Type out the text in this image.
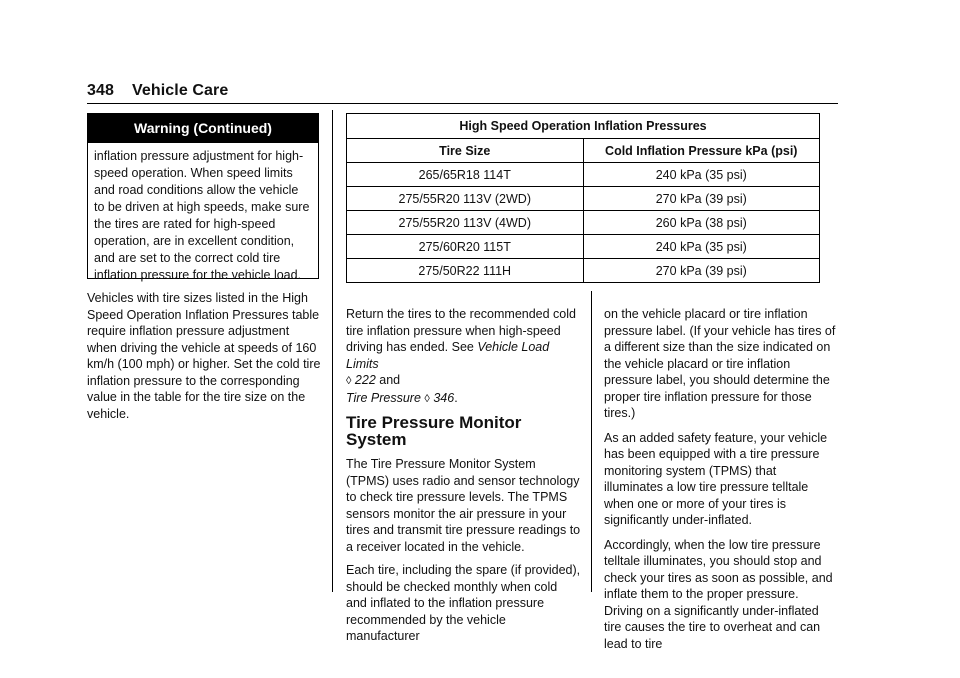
348 Vehicle Care
Warning (Continued)
inflation pressure adjustment for high-speed operation. When speed limits and road conditions allow the vehicle to be driven at high speeds, make sure the tires are rated for high-speed operation, are in excellent condition, and are set to the correct cold tire inflation pressure for the vehicle load.
Vehicles with tire sizes listed in the High Speed Operation Inflation Pressures table require inflation pressure adjustment when driving the vehicle at speeds of 160 km/h (100 mph) or higher. Set the cold tire inflation pressure to the corresponding value in the table for the tire size on the vehicle.
High Speed Operation Inflation Pressures
Tire Size	Cold Inflation Pressure kPa (psi)
265/65R18 114T	240 kPa (35 psi)
275/55R20 113V (2WD)	270 kPa (39 psi)
275/55R20 113V (4WD)	260 kPa (38 psi)
275/60R20 115T	240 kPa (35 psi)
275/50R22 111H	270 kPa (39 psi)

Return the tires to the recommended cold tire inflation pressure when high-speed driving has ended. See Vehicle Load Limits
◊ 222 and
Tire Pressure ◊ 346.

Tire Pressure Monitor System

The Tire Pressure Monitor System (TPMS) uses radio and sensor technology to check tire pressure levels. The TPMS sensors monitor the air pressure in your tires and transmit tire pressure readings to a receiver located in the vehicle.

Each tire, including the spare (if provided), should be checked monthly when cold and inflated to the inflation pressure recommended by the vehicle manufacturer

on the vehicle placard or tire inflation pressure label. (If your vehicle has tires of a different size than the size indicated on the vehicle placard or tire inflation pressure label, you should determine the proper tire inflation pressure for those tires.)

As an added safety feature, your vehicle has been equipped with a tire pressure monitoring system (TPMS) that illuminates a low tire pressure telltale when one or more of your tires is significantly under-inflated.

Accordingly, when the low tire pressure telltale illuminates, you should stop and check your tires as soon as possible, and inflate them to the proper pressure. Driving on a significantly under-inflated tire causes the tire to overheat and can lead to tire
